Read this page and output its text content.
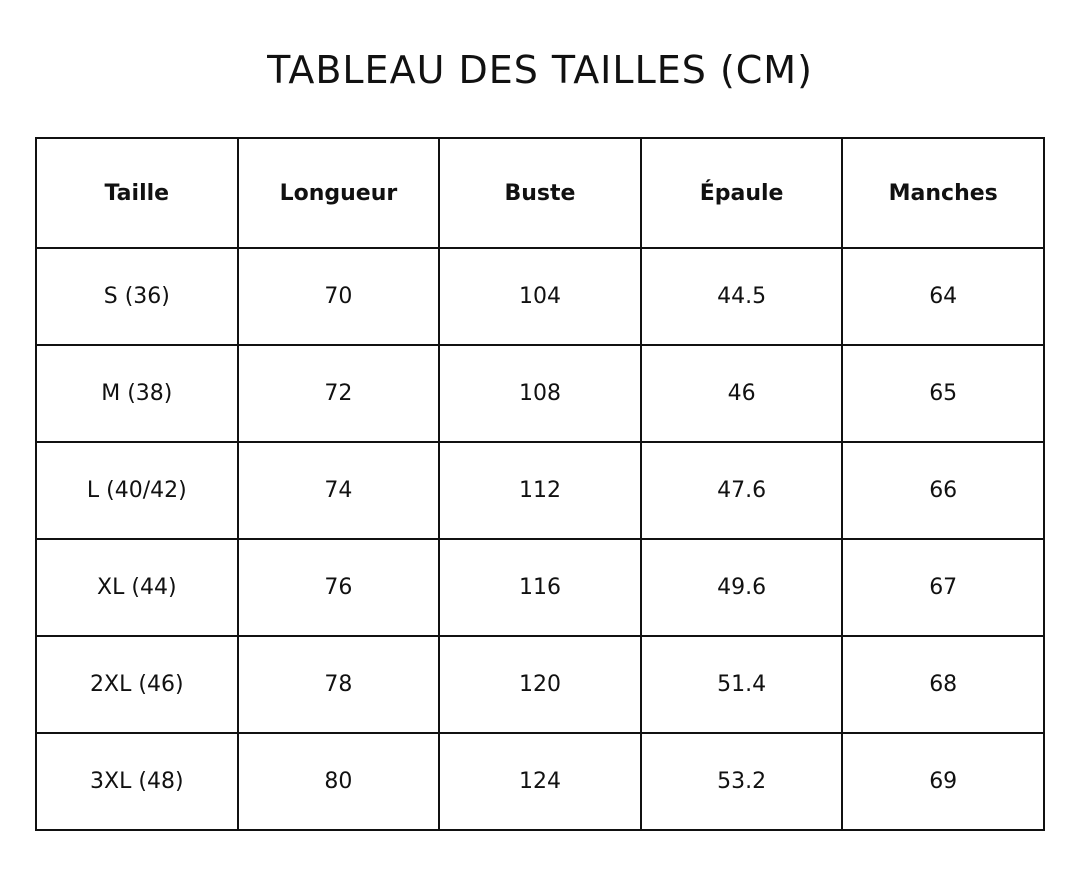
TABLEAU DES TAILLES (CM)
Taille	Longueur	Buste	Épaule	Manches
S (36)	70	104	44.5	64
M (38)	72	108	46	65
L (40/42)	74	112	47.6	66
XL (44)	76	116	49.6	67
2XL (46)	78	120	51.4	68
3XL (48)	80	124	53.2	69
